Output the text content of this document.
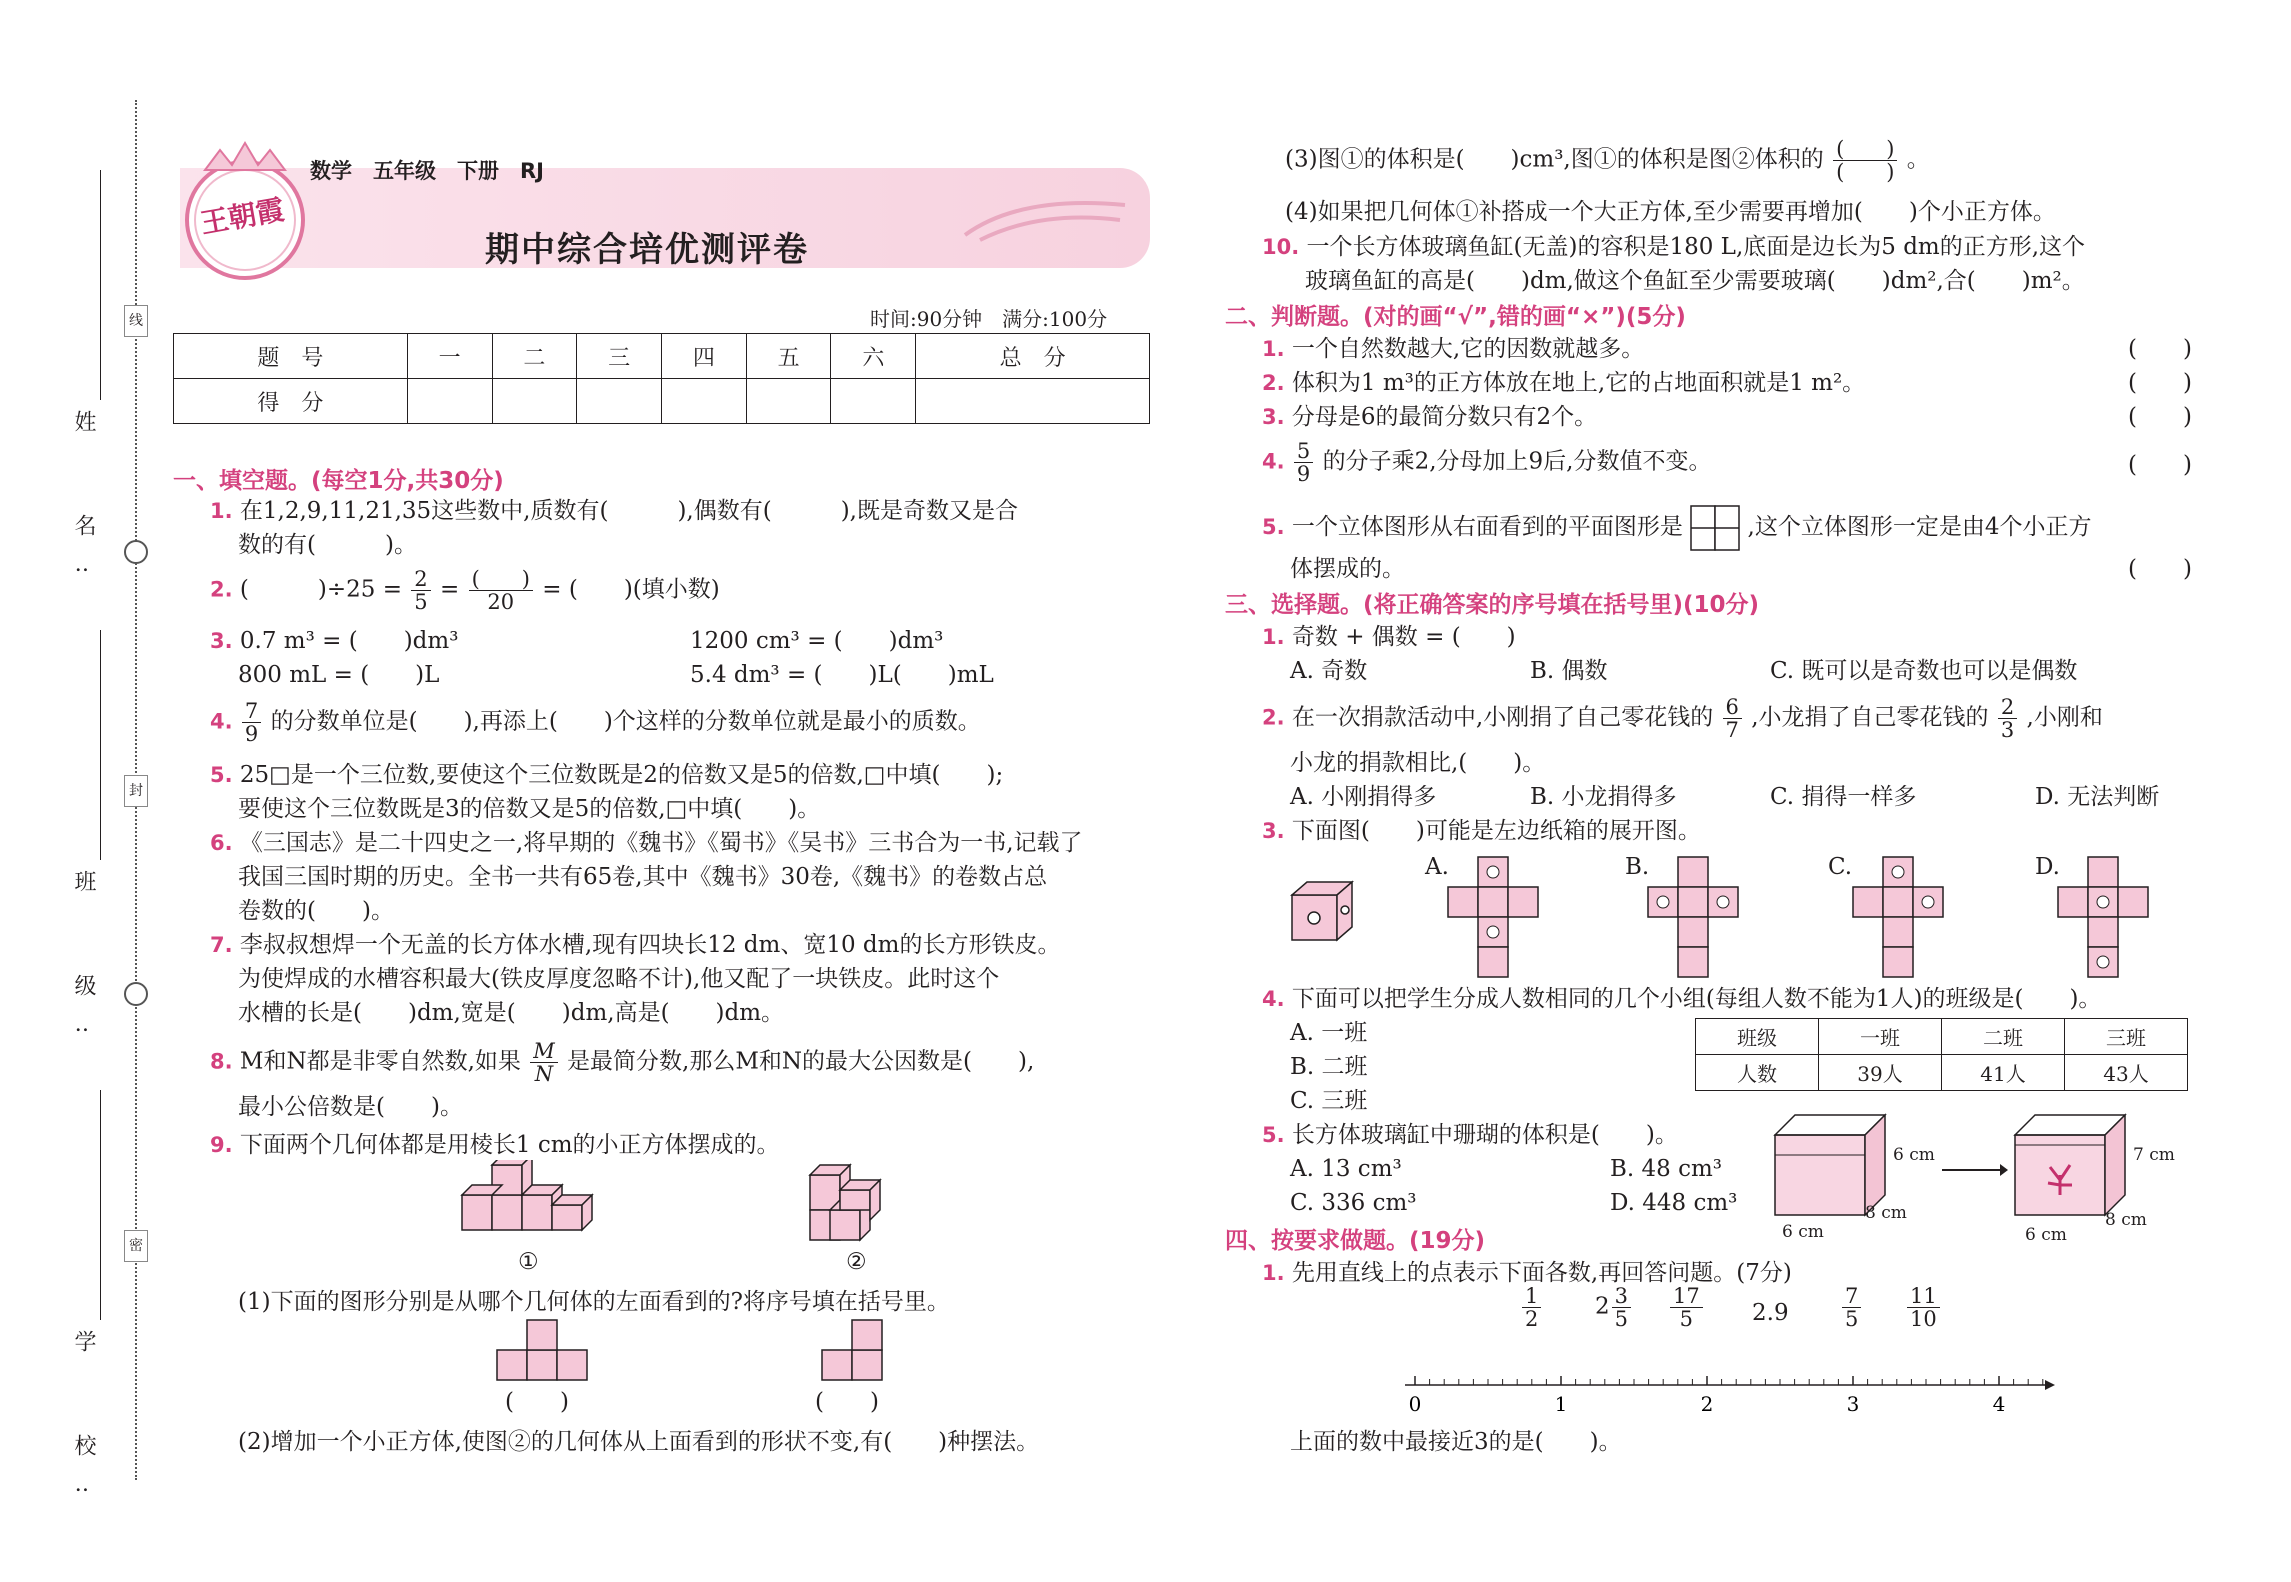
线
封
密
姓　名:
班　级:
学　校:
王朝霞
数学　五年级　下册　RJ
期中综合培优测评卷
时间:90分钟　满分:100分
题　号	一	二	三	四	五	六	总　分
得　分							
一、填空题。(每空1分,共30分)
1. 在1,2,9,11,21,35这些数中,质数有(　　　),偶数有(　　　),既是奇数又是合
数的有(　　　)。
2. (　　　)$\div 25 = \frac{2}{5} = \frac{( )}{20}$ = (　　)(填小数)
3. 0.7 m³ = (　　)dm³	1200 cm³ = (　　)dm³
800 mL = (　　)L	5.4 dm³ = (　　)L(　　)mL
4. $\frac{7}{9}$ 的分数单位是(　　),再添上(　　)个这样的分数单位就是最小的质数。
5. 25□是一个三位数,要使这个三位数既是2的倍数又是5的倍数,□中填(　　);
要使这个三位数既是3的倍数又是5的倍数,□中填(　　)。
6. 《三国志》是二十四史之一,将早期的《魏书》《蜀书》《吴书》三书合为一书,记载了
我国三国时期的历史。全书一共有65卷,其中《魏书》30卷,《魏书》的卷数占总
卷数的(　　)。
7. 李叔叔想焊一个无盖的长方体水槽,现有四块长12 dm、宽10 dm的长方形铁皮。
为使焊成的水槽容积最大(铁皮厚度忽略不计),他又配了一块铁皮。此时这个
水槽的长是(　　)dm,宽是(　　)dm,高是(　　)dm。
8. M和N都是非零自然数,如果 $\frac{M}{N}$ 是最简分数,那么M和N的最大公因数是(　　),
最小公倍数是(　　)。
9. 下面两个几何体都是用棱长1 cm的小正方体摆成的。
①	②
(1)下面的图形分别是从哪个几何体的左面看到的?将序号填在括号里。
(　　)	(　　)
(2)增加一个小正方体,使图②的几何体从上面看到的形状不变,有(　　)种摆法。
(3)图①的体积是(　　)cm³,图①的体积是图②体积的 $\frac{( )}{( )}$ 。
(4)如果把几何体①补搭成一个大正方体,至少需要再增加(　　)个小正方体。
10. 一个长方体玻璃鱼缸(无盖)的容积是180 L,底面是边长为5 dm的正方形,这个
玻璃鱼缸的高是(　　)dm,做这个鱼缸至少需要玻璃(　　)dm²,合(　　)m²。
二、判断题。(对的画“√”,错的画“×”)(5分)
1. 一个自然数越大,它的因数就越多。	(　　)
2. 体积为1 m³的正方体放在地上,它的占地面积就是1 m²。	(　　)
3. 分母是6的最简分数只有2个。	(　　)
4. $\frac{5}{9}$ 的分子乘2,分母加上9后,分数值不变。	(　　)
5. 一个立体图形从右面看到的平面图形是	,这个立体图形一定是由4个小正方
体摆成的。	(　　)
三、选择题。(将正确答案的序号填在括号里)(10分)
1. 奇数 + 偶数 = (　　)
A. 奇数	B. 偶数	C. 既可以是奇数也可以是偶数
2. 在一次捐款活动中,小刚捐了自己零花钱的 $\frac{6}{7}$ ,小龙捐了自己零花钱的 $\frac{2}{3}$ ,小刚和
小龙的捐款相比,(　　)。
A. 小刚捐得多	B. 小龙捐得多	C. 捐得一样多	D. 无法判断
3. 下面图(　　)可能是左边纸箱的展开图。
A.	B.	C.	D.
4. 下面可以把学生分成人数相同的几个小组(每组人数不能为1人)的班级是(　　)。
A. 一班
B. 二班
C. 三班
班级	一班	二班	三班
人数	39人	41人	43人
5. 长方体玻璃缸中珊瑚的体积是(　　)。
A. 13 cm³	B. 48 cm³
C. 336 cm³	D. 448 cm³
6 cm
8 cm
6 cm
7 cm
8 cm
6 cm
四、按要求做题。(19分)
1. 先用直线上的点表示下面各数,再回答问题。(7分)
$\frac{1}{2} 2 \frac{3}{5} \frac{17}{5} 2.9$	$\frac{7}{5} \frac{11}{10}$
0	1	2	3	4
上面的数中最接近3的是(　　)。
